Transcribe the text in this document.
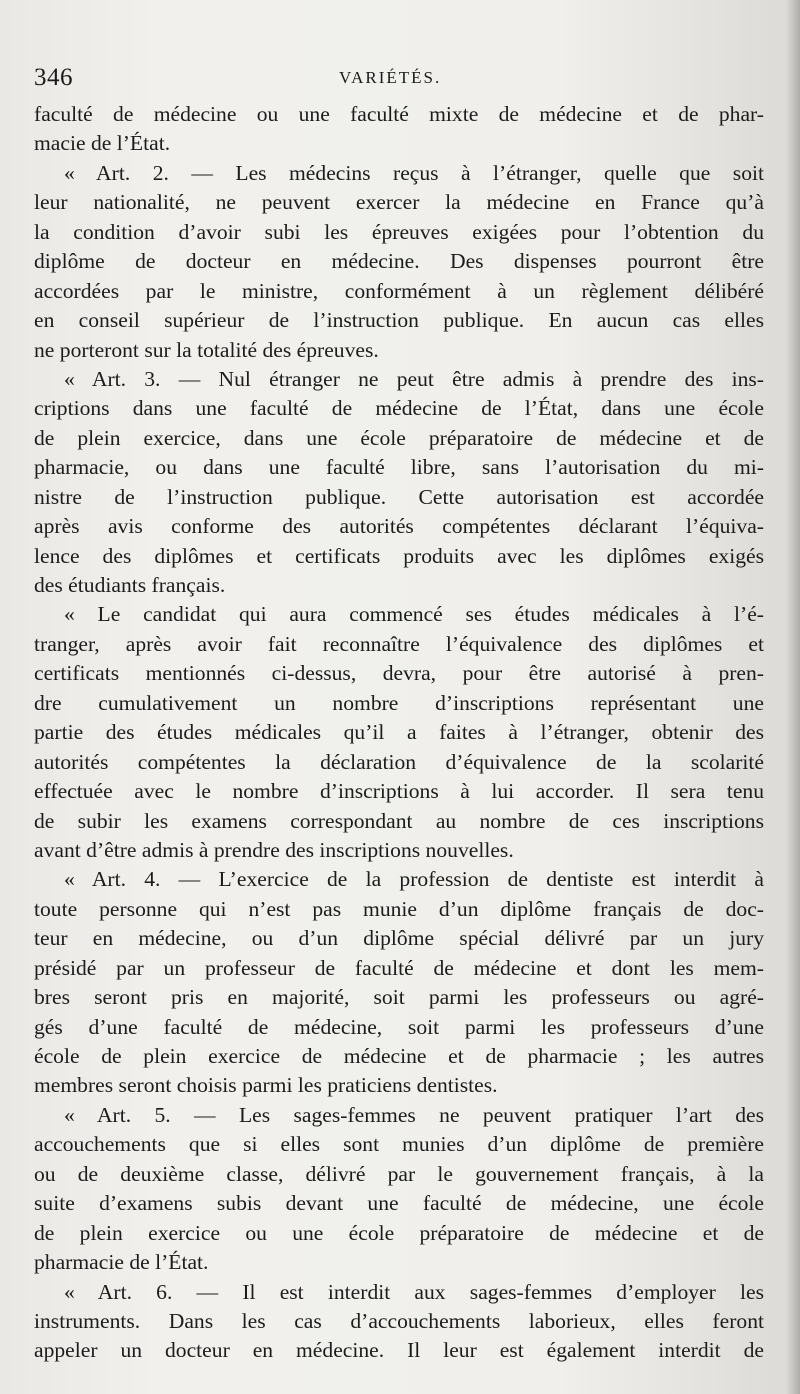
346	VARIÉTÉS.
faculté de médecine ou une faculté mixte de médecine et de phar-
macie de l’État.
« Art. 2. — Les médecins reçus à l’étranger, quelle que soit
leur nationalité, ne peuvent exercer la médecine en France qu’à
la condition d’avoir subi les épreuves exigées pour l’obtention du
diplôme de docteur en médecine. Des dispenses pourront être
accordées par le ministre, conformément à un règlement délibéré
en conseil supérieur de l’instruction publique. En aucun cas elles
ne porteront sur la totalité des épreuves.
« Art. 3. — Nul étranger ne peut être admis à prendre des ins-
criptions dans une faculté de médecine de l’État, dans une école
de plein exercice, dans une école préparatoire de médecine et de
pharmacie, ou dans une faculté libre, sans l’autorisation du mi-
nistre de l’instruction publique. Cette autorisation est accordée
après avis conforme des autorités compétentes déclarant l’équiva-
lence des diplômes et certificats produits avec les diplômes exigés
des étudiants français.
« Le candidat qui aura commencé ses études médicales à l’é-
tranger, après avoir fait reconnaître l’équivalence des diplômes et
certificats mentionnés ci-dessus, devra, pour être autorisé à pren-
dre cumulativement un nombre d’inscriptions représentant une
partie des études médicales qu’il a faites à l’étranger, obtenir des
autorités compétentes la déclaration d’équivalence de la scolarité
effectuée avec le nombre d’inscriptions à lui accorder. Il sera tenu
de subir les examens correspondant au nombre de ces inscriptions
avant d’être admis à prendre des inscriptions nouvelles.
« Art. 4. — L’exercice de la profession de dentiste est interdit à
toute personne qui n’est pas munie d’un diplôme français de doc-
teur en médecine, ou d’un diplôme spécial délivré par un jury
présidé par un professeur de faculté de médecine et dont les mem-
bres seront pris en majorité, soit parmi les professeurs ou agré-
gés d’une faculté de médecine, soit parmi les professeurs d’une
école de plein exercice de médecine et de pharmacie ; les autres
membres seront choisis parmi les praticiens dentistes.
« Art. 5. — Les sages-femmes ne peuvent pratiquer l’art des
accouchements que si elles sont munies d’un diplôme de première
ou de deuxième classe, délivré par le gouvernement français, à la
suite d’examens subis devant une faculté de médecine, une école
de plein exercice ou une école préparatoire de médecine et de
pharmacie de l’État.
« Art. 6. — Il est interdit aux sages-femmes d’employer les
instruments. Dans les cas d’accouchements laborieux, elles feront
appeler un docteur en médecine. Il leur est également interdit de
